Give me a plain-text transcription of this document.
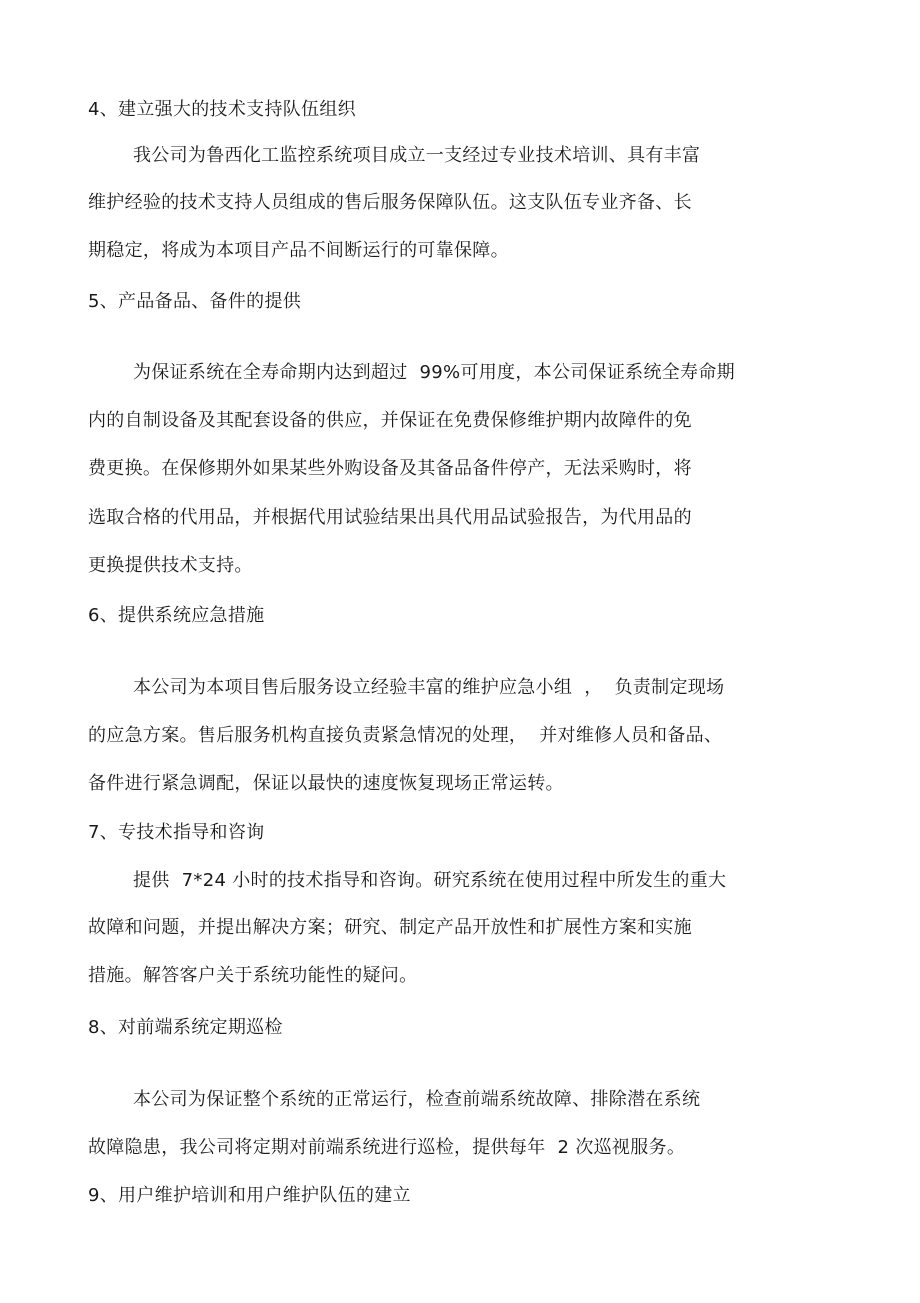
4、建立强大的技术支持队伍组织
我公司为鲁西化工监控系统项目成立一支经过专业技术培训、具有丰富
维护经验的技术支持人员组成的售后服务保障队伍。这支队伍专业齐备、长
期稳定，将成为本项目产品不间断运行的可靠保障。
5、产品备品、备件的提供
为保证系统在全寿命期内达到超过  99%可用度，本公司保证系统全寿命期
内的自制设备及其配套设备的供应，并保证在免费保修维护期内故障件的免
费更换。在保修期外如果某些外购设备及其备品备件停产，无法采购时，将
选取合格的代用品，并根据代用试验结果出具代用品试验报告，为代用品的
更换提供技术支持。
6、提供系统应急措施
本公司为本项目售后服务设立经验丰富的维护应急小组  ，  负责制定现场
的应急方案。售后服务机构直接负责紧急情况的处理，  并对维修人员和备品、
备件进行紧急调配，保证以最快的速度恢复现场正常运转。
7、专技术指导和咨询
提供  7*24 小时的技术指导和咨询。研究系统在使用过程中所发生的重大
故障和问题，并提出解决方案；研究、制定产品开放性和扩展性方案和实施
措施。解答客户关于系统功能性的疑问。
8、对前端系统定期巡检
本公司为保证整个系统的正常运行，检查前端系统故障、排除潜在系统
故障隐患，我公司将定期对前端系统进行巡检，提供每年  2 次巡视服务。
9、用户维护培训和用户维护队伍的建立
